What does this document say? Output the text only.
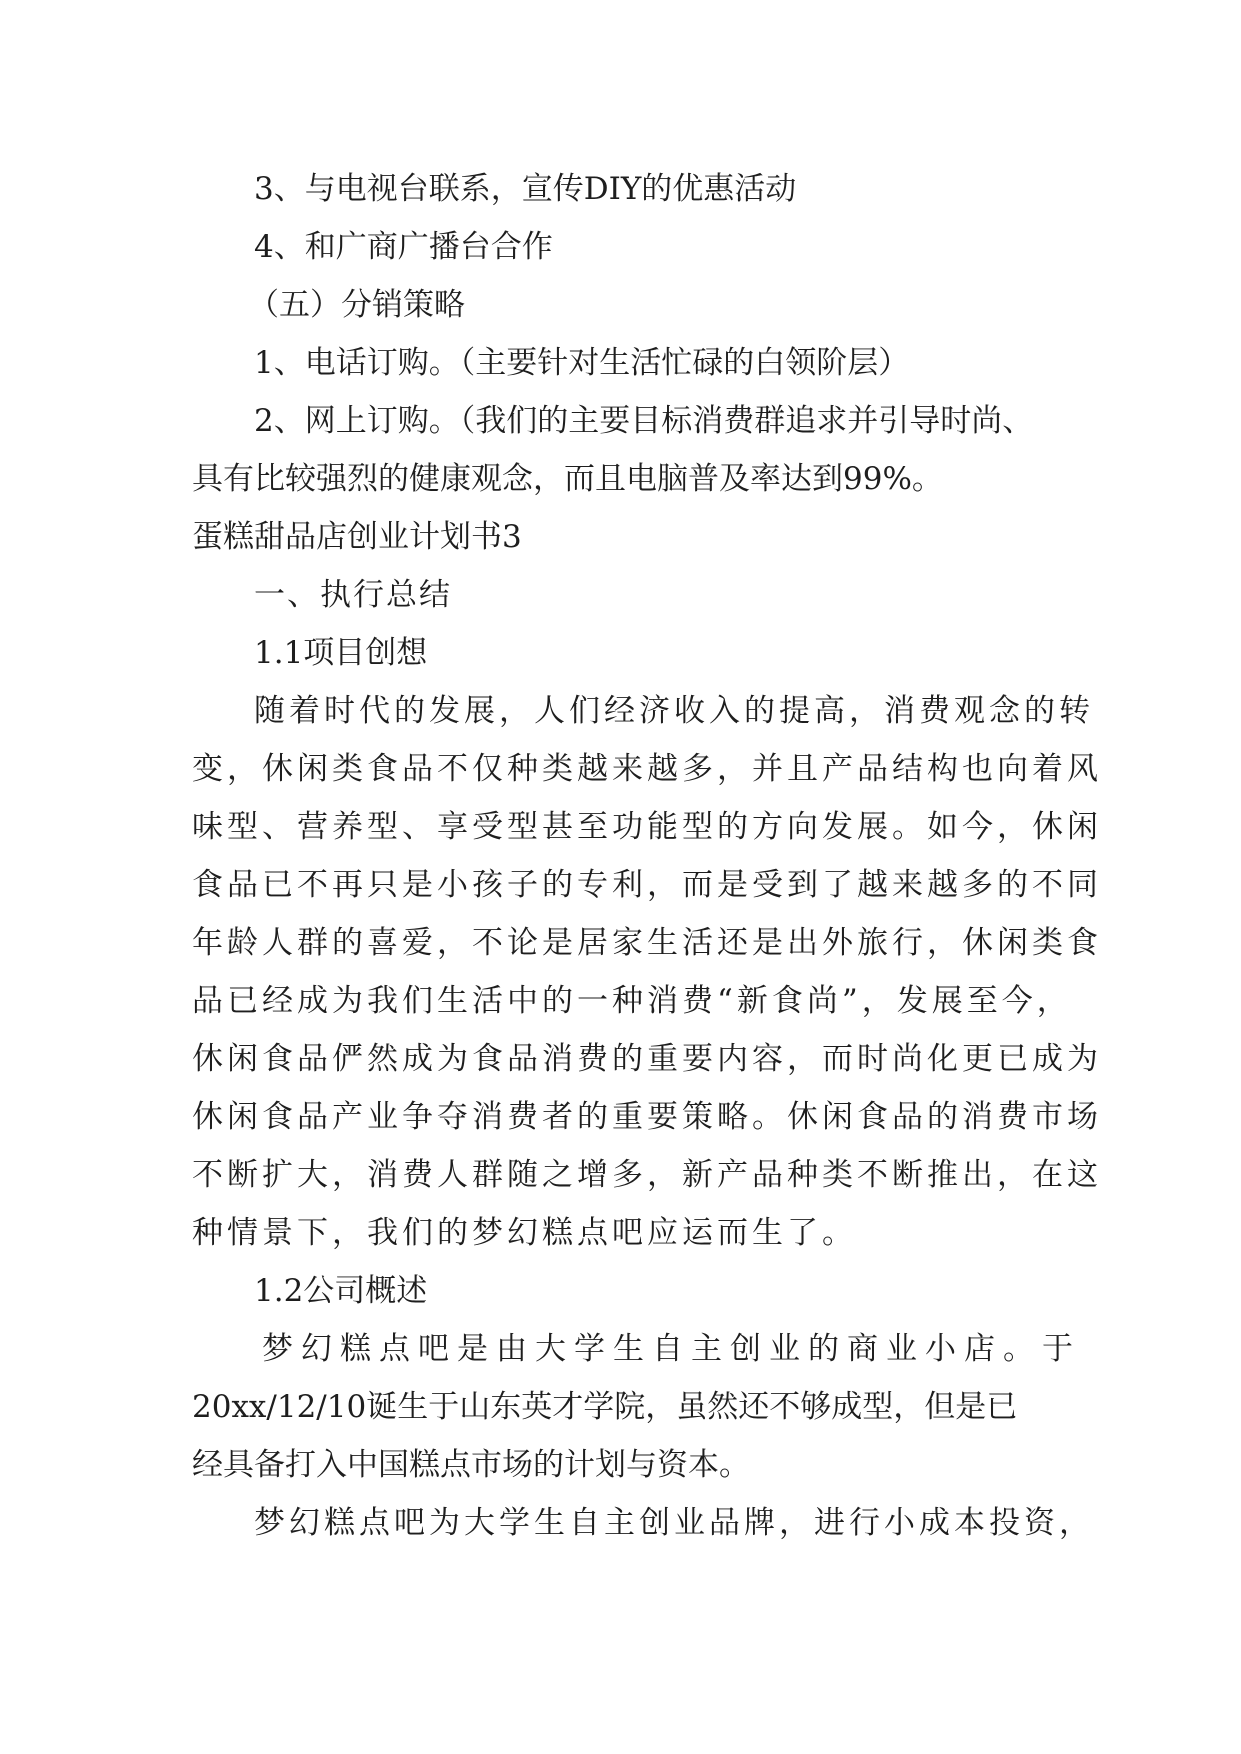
3、与电视台联系，宣传DIY的优惠活动

4、和广商广播台合作

（五）分销策略

1、电话订购。（主要针对生活忙碌的白领阶层）

2、网上订购。（我们的主要目标消费群追求并引导时尚、

具有比较强烈的健康观念，而且电脑普及率达到99%。

蛋糕甜品店创业计划书3

一、执行总结

1.1项目创想

随着时代的发展，人们经济收入的提高，消费观念的转

变，休闲类食品不仅种类越来越多，并且产品结构也向着风

味型、营养型、享受型甚至功能型的方向发展。如今，休闲

食品已不再只是小孩子的专利，而是受到了越来越多的不同

年龄人群的喜爱，不论是居家生活还是出外旅行，休闲类食

品已经成为我们生活中的一种消费“新食尚”，发展至今，

休闲食品俨然成为食品消费的重要内容，而时尚化更已成为

休闲食品产业争夺消费者的重要策略。休闲食品的消费市场

不断扩大，消费人群随之增多，新产品种类不断推出，在这

种情景下，我们的梦幻糕点吧应运而生了。

1.2公司概述

梦幻糕点吧是由大学生自主创业的商业小店。于

20xx/12/10诞生于山东英才学院，虽然还不够成型，但是已

经具备打入中国糕点市场的计划与资本。

梦幻糕点吧为大学生自主创业品牌，进行小成本投资，
